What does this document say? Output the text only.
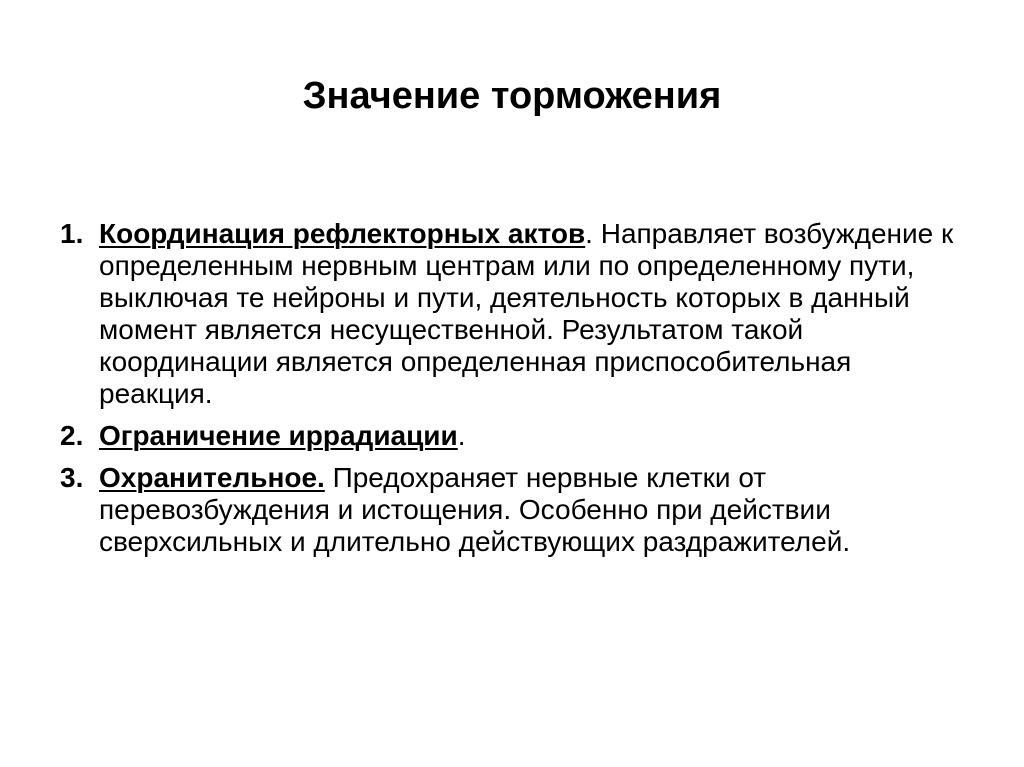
Значение торможения
1. Координация рефлекторных актов. Направляет возбуждение к определенным нервным центрам или по определенному пути, выключая те нейроны и пути, деятельность которых в данный момент является несущественной. Результатом такой координации является определенная приспособительная реакция.
2. Ограничение иррадиации.
3. Охранительное. Предохраняет нервные клетки от перевозбуждения и истощения. Особенно при действии сверхсильных и длительно действующих раздражителей.
